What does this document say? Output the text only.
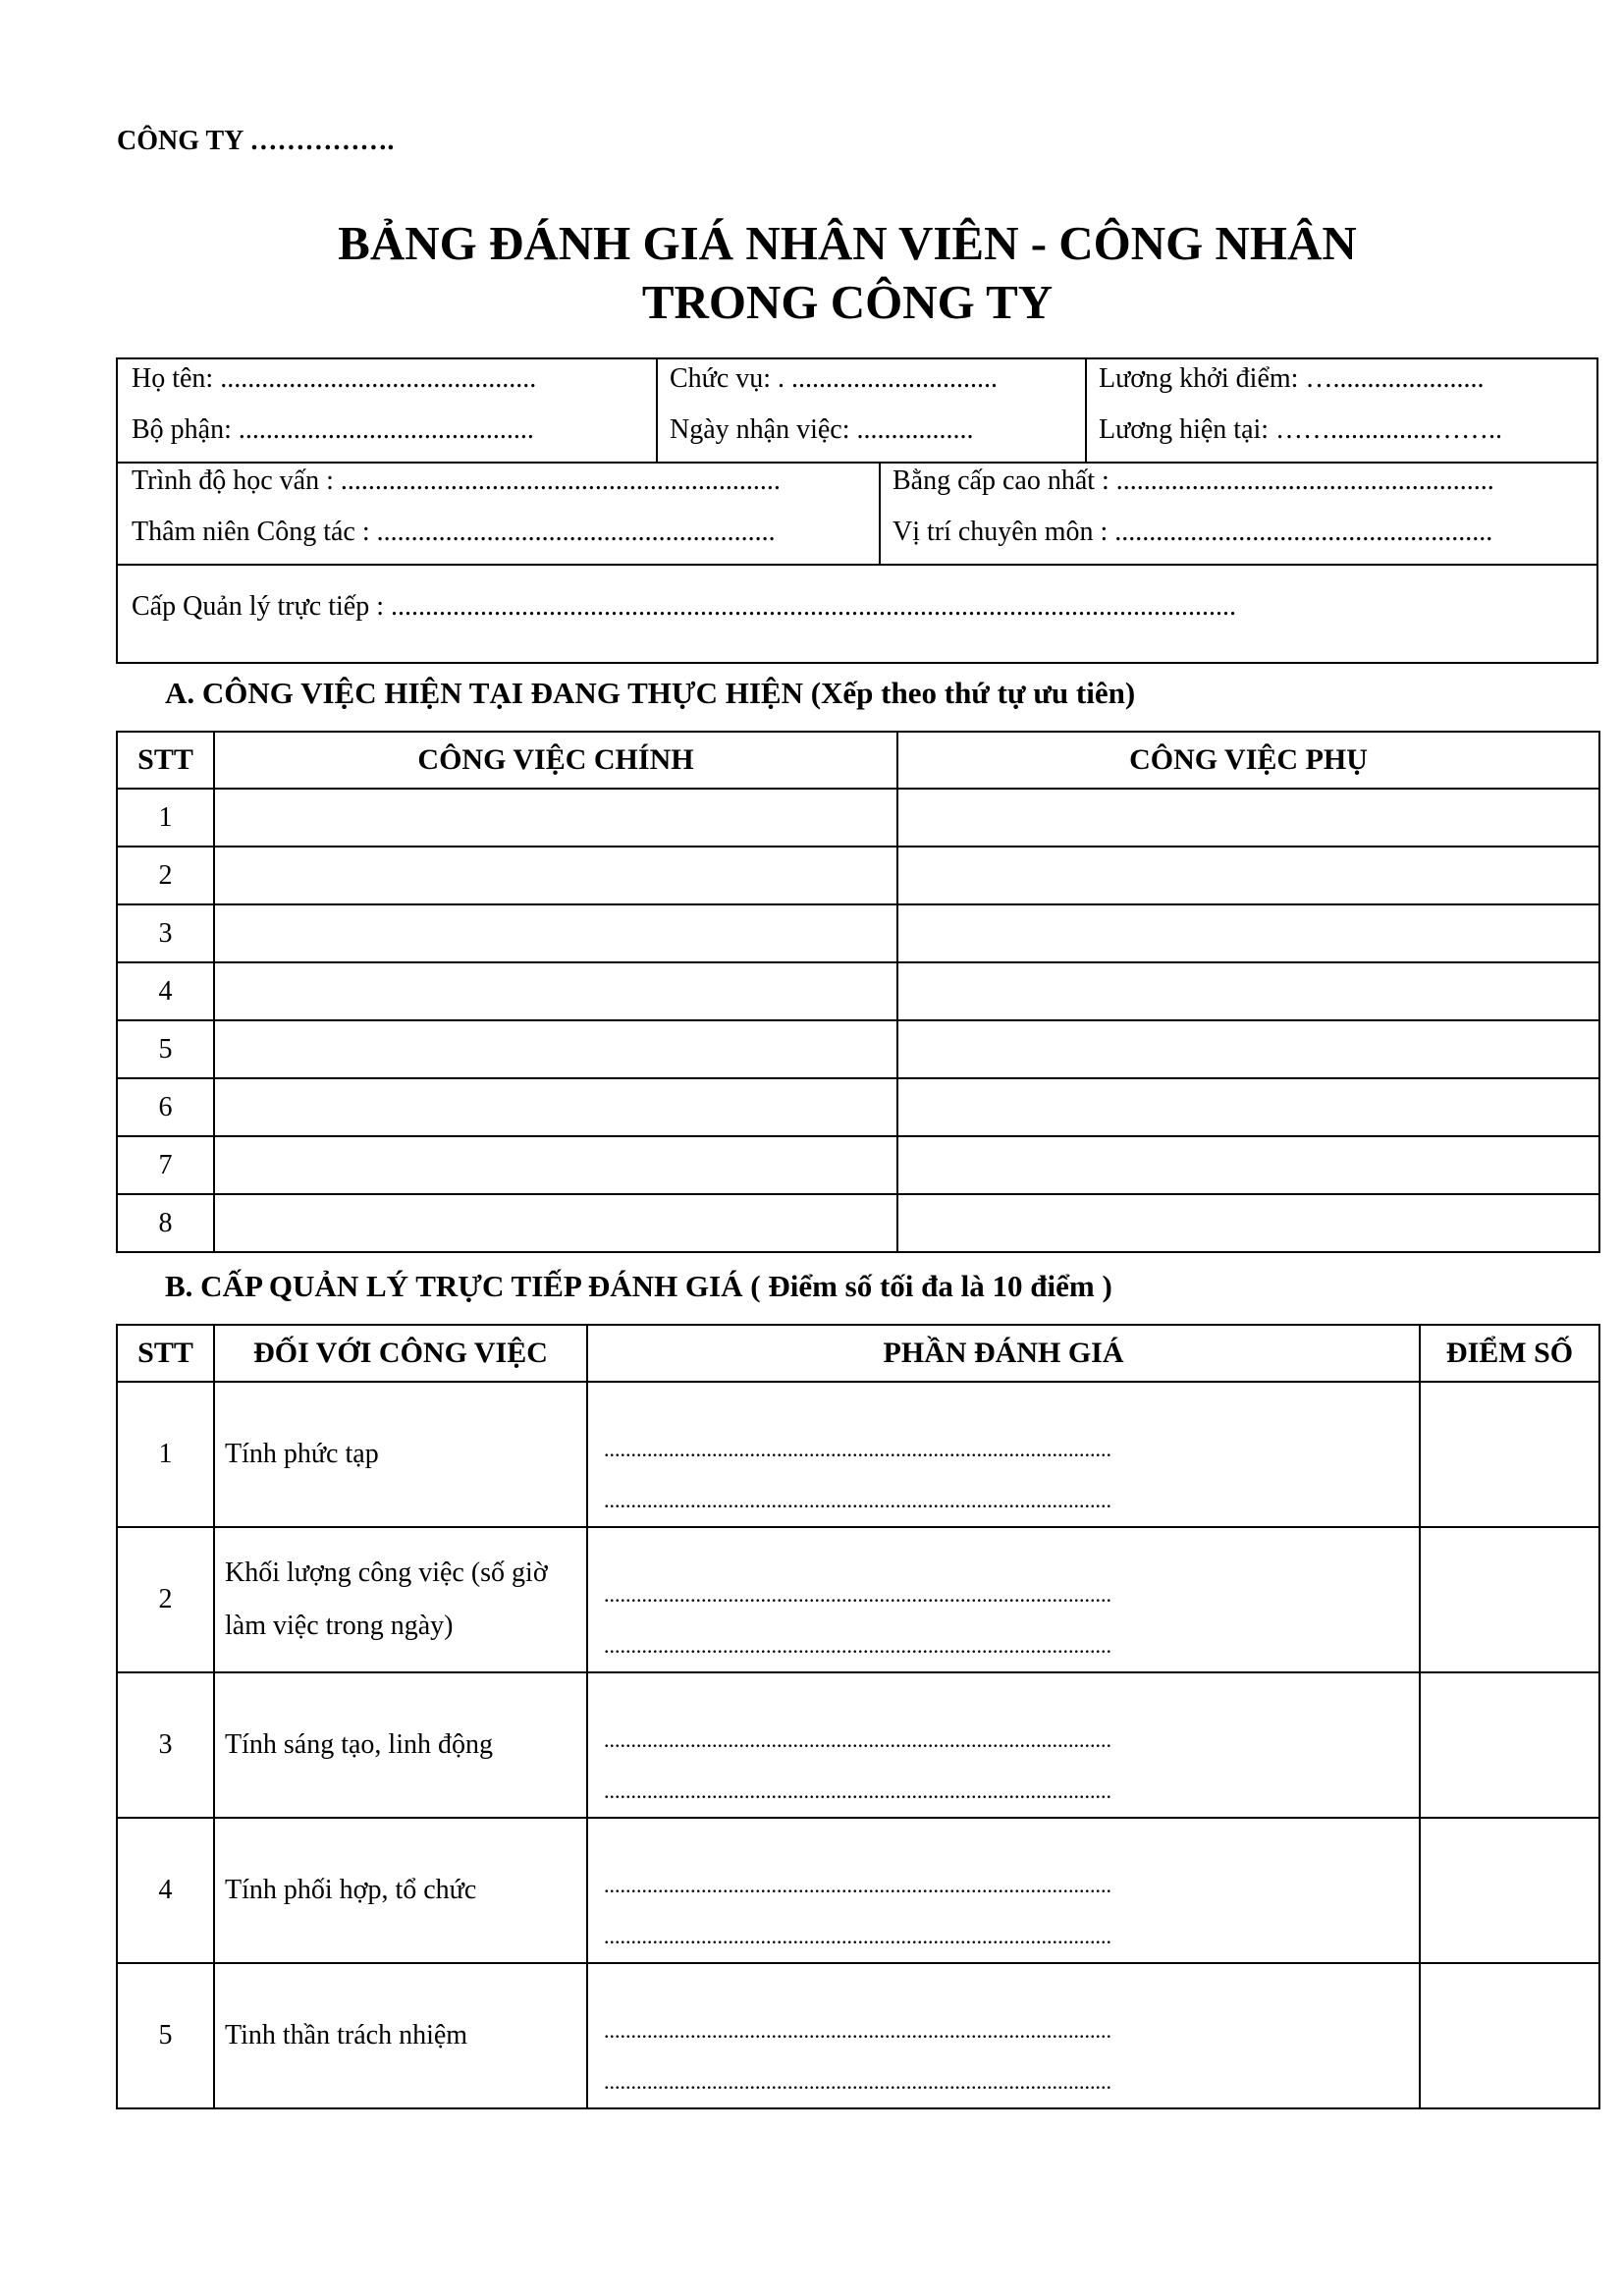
CÔNG TY …………….
BẢNG ĐÁNH GIÁ NHÂN VIÊN - CÔNG NHÂN
TRONG CÔNG TY
Họ tên: ..............................................
Bộ phận: ...........................................
Chức vụ: . ..............................
Ngày nhận việc: .................
Lương khởi điểm: …......................
Lương hiện tại: ……...............……..
Trình độ học vấn : ................................................................
Thâm niên Công tác : ..........................................................
Bằng cấp cao nhất : .......................................................
Vị trí chuyên môn : .......................................................
Cấp Quản lý trực tiếp : ...........................................................................................................................
A. CÔNG VIỆC HIỆN TẠI ĐANG THỰC HIỆN (Xếp theo thứ tự ưu tiên)
STT	CÔNG VIỆC CHÍNH	CÔNG VIỆC PHỤ
1		
2		
3		
4		
5		
6		
7		
8		
B. CẤP QUẢN LÝ TRỰC TIẾP ĐÁNH GIÁ ( Điểm số tối đa là 10 điểm )
STT	ĐỐI VỚI CÔNG VIỆC	PHẦN ĐÁNH GIÁ	ĐIỂM SỐ
1	Tính phức tạp	..............................................................................................
..............................................................................................	

2	Khối lượng công việc (số giờ làm việc trong ngày)	..............................................................................................
..............................................................................................	

3	Tính sáng tạo, linh động	..............................................................................................
..............................................................................................	

4	Tính phối hợp, tổ chức	..............................................................................................
..............................................................................................	

5	Tinh thần trách nhiệm	..............................................................................................
..............................................................................................	
